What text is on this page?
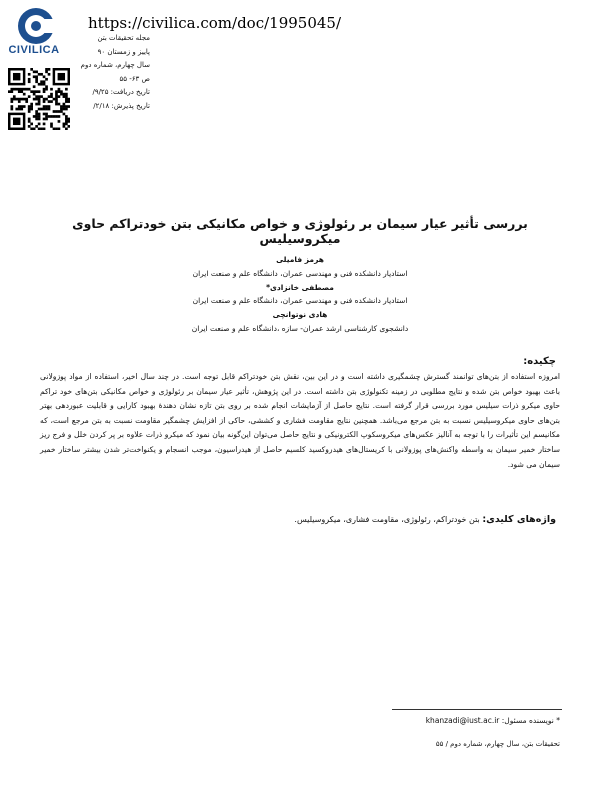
CIVILICA
https://civilica.com/doc/1995045/
مجله تحقیقات بتن
پاییز و زمستان ۹۰
سال چهارم، شماره دوم
ص ۶۳- ۵۵
تاریخ دریافت: ۹/۲۵/
تاریخ پذیرش: ۲/۱۸/
بررسی تأثیر عیار سیمان بر رئولوژی و خواص مکانیکی بتن خودتراکم حاوی میکروسیلیس
هرمز فامیلی
استادیار دانشکده فنی و مهندسی عمران، دانشگاه علم و صنعت ایران
مصطفی خانزادی*
استادیار دانشکده فنی و مهندسی عمران، دانشگاه علم و صنعت ایران
هادی نوتوانچی
دانشجوی کارشناسی ارشد عمران- سازه ،دانشگاه علم و صنعت ایران
چکیده:
امروزه استفاده از بتن‌های توانمند گسترش چشمگیری داشته است و در این بین، نقش بتن خودتراکم قابل توجه است. در چند سال اخیر، استفاده از مواد پوزولانی باعث بهبود خواص بتن شده و نتایج مطلوبی در زمینه تکنولوژی بتن داشته است. در این پژوهش، تأثیر عیار سیمان بر رئولوژی و خواص مکانیکی بتن‌های خود تراکم حاوی میکرو ذرات سیلیس مورد بررسی قرار گرفته است. نتایج حاصل از آزمایشات انجام شده بر روی بتن تازه نشان دهندهٔ بهبود کارایی و قابلیت عبوردهی بهتر بتن‌های حاوی میکروسیلیس نسبت به بتن مرجع می‌باشد. همچنین نتایج مقاومت فشاری و کششی، حاکی از افزایش چشمگیر مقاومت نسبت به بتن مرجع است، که مکانیسم این تأثیرات را با توجه به آنالیز عکس‌های میکروسکوپ الکترونیکی و نتایج حاصل می‌توان این‌گونه بیان نمود که میکرو ذرات علاوه بر پر کردن خلل و فرج ریز ساختار خمیر سیمان به واسطه واکنش‌های پوزولانی با کریستال‌های هیدروکسید کلسیم حاصل از هیدراسیون، موجب انسجام و یکنواخت‌تر شدن بیشتر ساختار خمیر سیمان می شود.
واژه‌های کلیدی: بتن خودتراکم، رئولوژی، مقاومت فشاری، میکروسیلیس.
* نویسنده مسئول: khanzadi@iust.ac.ir
تحقیقات بتن، سال چهارم، شماره دوم / ۵۵
